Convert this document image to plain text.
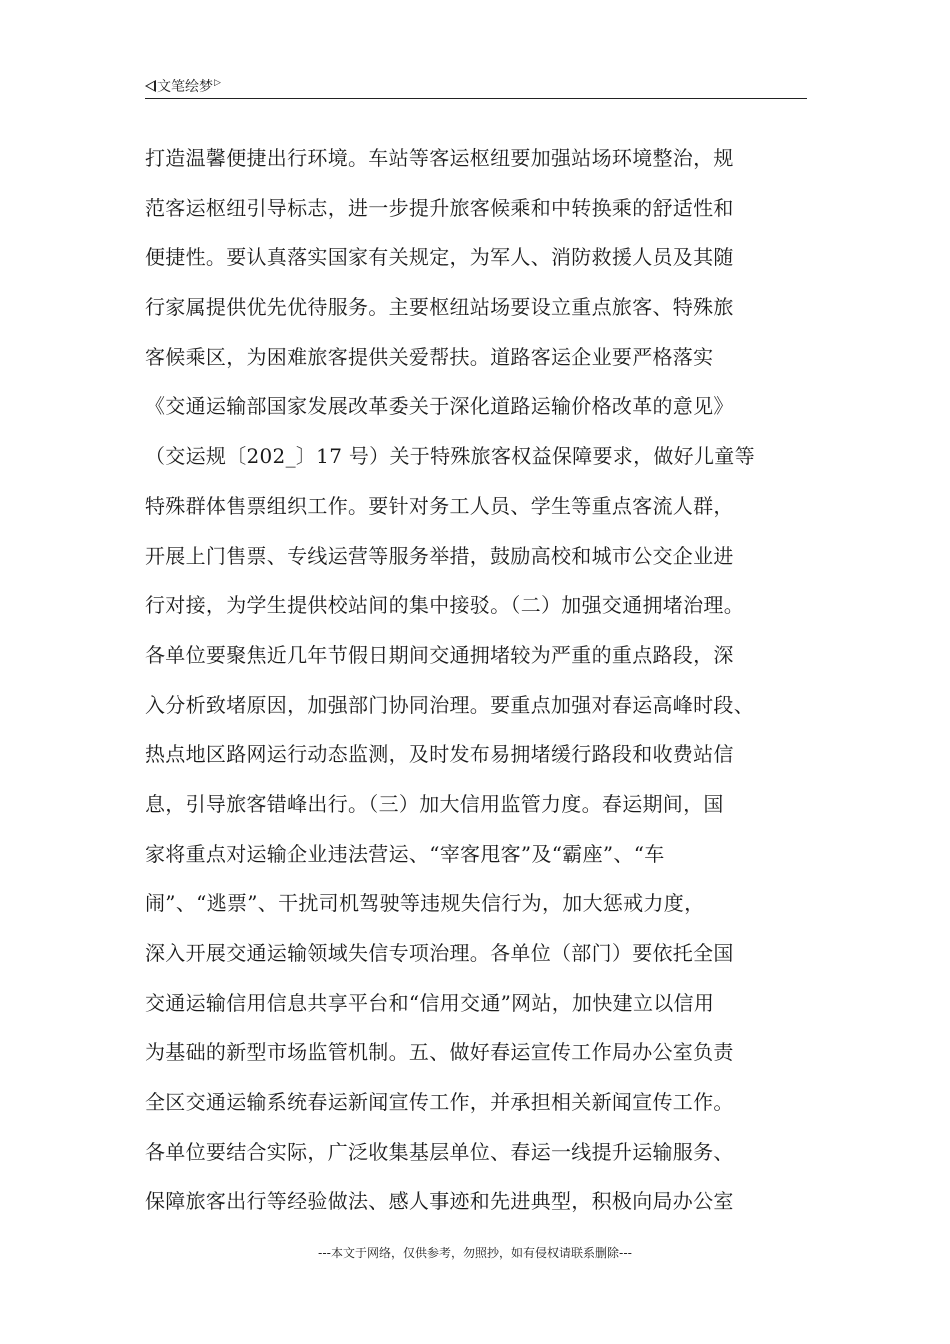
文笔绘梦 ▷
打造温馨便捷出行环境。车站等客运枢纽要加强站场环境整治，规
范客运枢纽引导标志，进一步提升旅客候乘和中转换乘的舒适性和
便捷性。要认真落实国家有关规定，为军人、消防救援人员及其随
行家属提供优先优待服务。主要枢纽站场要设立重点旅客、特殊旅
客候乘区，为困难旅客提供关爱帮扶。道路客运企业要严格落实
《交通运输部国家发展改革委关于深化道路运输价格改革的意见》
（交运规〔202_〕17 号）关于特殊旅客权益保障要求，做好儿童等
特殊群体售票组织工作。要针对务工人员、学生等重点客流人群，
开展上门售票、专线运营等服务举措，鼓励高校和城市公交企业进
行对接，为学生提供校站间的集中接驳。（二）加强交通拥堵治理。
各单位要聚焦近几年节假日期间交通拥堵较为严重的重点路段，深
入分析致堵原因，加强部门协同治理。要重点加强对春运高峰时段、
热点地区路网运行动态监测，及时发布易拥堵缓行路段和收费站信
息，引导旅客错峰出行。（三）加大信用监管力度。春运期间，国
家将重点对运输企业违法营运、“宰客甩客”及“霸座”、“车
闹”、“逃票”、干扰司机驾驶等违规失信行为，加大惩戒力度，
深入开展交通运输领域失信专项治理。各单位（部门）要依托全国
交通运输信用信息共享平台和“信用交通”网站，加快建立以信用
为基础的新型市场监管机制。五、做好春运宣传工作局办公室负责
全区交通运输系统春运新闻宣传工作，并承担相关新闻宣传工作。
各单位要结合实际，广泛收集基层单位、春运一线提升运输服务、
保障旅客出行等经验做法、感人事迹和先进典型，积极向局办公室
---本文于网络，仅供参考，勿照抄，如有侵权请联系删除---
